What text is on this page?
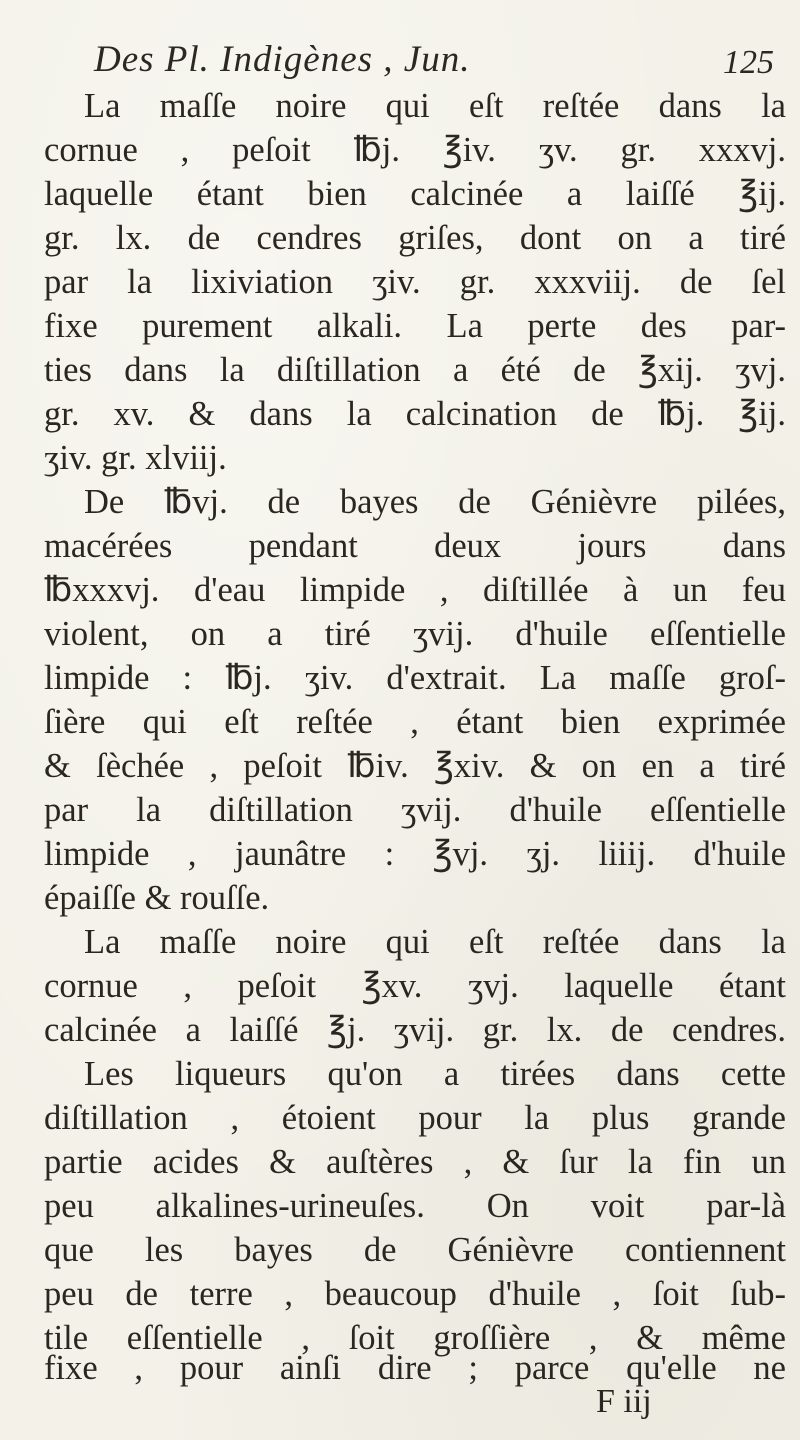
Des Pl. Indigènes , Jun.	125
La maſſe noire qui eſt reſtée dans la
cornue , peſoit ℔j. ℥iv. ʒv. gr. xxxvj.
laquelle étant bien calcinée a laiſſé ℥ij.
gr. lx. de cendres griſes, dont on a tiré
par la lixiviation ʒiv. gr. xxxviij. de ſel
fixe purement alkali. La perte des par-
ties dans la diſtillation a été de ℥xij. ʒvj.
gr. xv. & dans la calcination de ℔j. ℥ij.
ʒiv. gr. xlviij.
De ℔vj. de bayes de Génièvre pilées,
macérées pendant deux jours dans
℔xxxvj. d'eau limpide , diſtillée à un feu
violent, on a tiré ʒvij. d'huile eſſentielle
limpide : ℔j. ʒiv. d'extrait. La maſſe groſ-
ſière qui eſt reſtée , étant bien exprimée
& ſèchée , peſoit ℔iv. ℥xiv. & on en a tiré
par la diſtillation ʒvij. d'huile eſſentielle
limpide , jaunâtre : ℥vj. ʒj. liiij. d'huile
épaiſſe & rouſſe.
La maſſe noire qui eſt reſtée dans la
cornue , peſoit ℥xv. ʒvj. laquelle étant
calcinée a laiſſé ℥j. ʒvij. gr. lx. de cendres.
Les liqueurs qu'on a tirées dans cette
diſtillation , étoient pour la plus grande
partie acides & auſtères , & ſur la fin un
peu alkalines-urineuſes. On voit par-là
que les bayes de Génièvre contiennent
peu de terre , beaucoup d'huile , ſoit ſub-
tile eſſentielle , ſoit groſſière , & même
fixe , pour ainſi dire ; parce qu'elle ne
F iij
